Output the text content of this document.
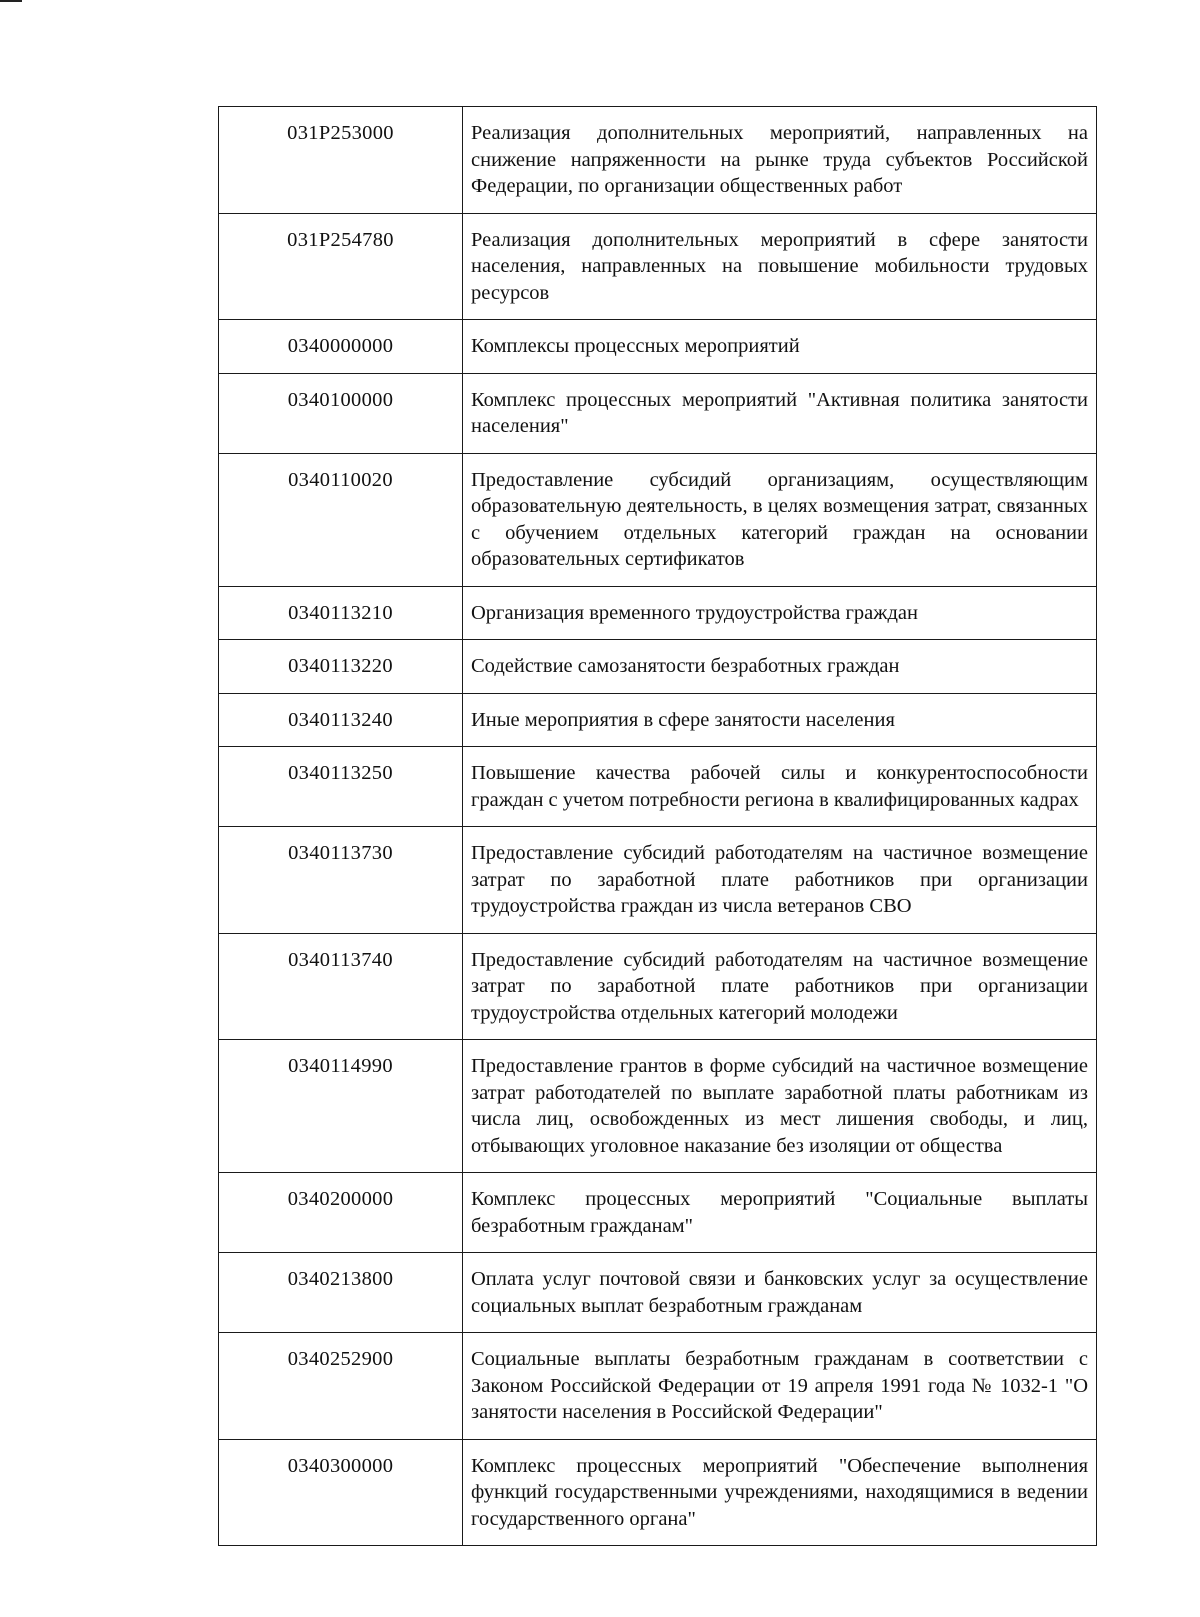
031P253000	Реализация дополнительных мероприятий, направленных на снижение напряженности на рынке труда субъектов Российской Федерации, по организации общественных работ
031P254780	Реализация дополнительных мероприятий в сфере занятости населения, направленных на повышение мобильности трудовых ресурсов
0340000000	Комплексы процессных мероприятий
0340100000	Комплекс процессных мероприятий "Активная политика занятости населения"
0340110020	Предоставление субсидий организациям, осуществляющим образовательную деятельность, в целях возмещения затрат, связанных с обучением отдельных категорий граждан на основании образовательных сертификатов
0340113210	Организация временного трудоустройства граждан
0340113220	Содействие самозанятости безработных граждан
0340113240	Иные мероприятия в сфере занятости населения
0340113250	Повышение качества рабочей силы и конкурентоспособности граждан с учетом потребности региона в квалифицированных кадрах
0340113730	Предоставление субсидий работодателям на частичное возмещение затрат по заработной плате работников при организации трудоустройства граждан из числа ветеранов СВО
0340113740	Предоставление субсидий работодателям на частичное возмещение затрат по заработной плате работников при организации трудоустройства отдельных категорий молодежи
0340114990	Предоставление грантов в форме субсидий на частичное возмещение затрат работодателей по выплате заработной платы работникам из числа лиц, освобожденных из мест лишения свободы, и лиц, отбывающих уголовное наказание без изоляции от общества
0340200000	Комплекс процессных мероприятий "Социальные выплаты безработным гражданам"
0340213800	Оплата услуг почтовой связи и банковских услуг за осуществление социальных выплат безработным гражданам
0340252900	Социальные выплаты безработным гражданам в соответствии с Законом Российской Федерации от 19 апреля 1991 года № 1032-1 "О занятости населения в Российской Федерации"
0340300000	Комплекс процессных мероприятий "Обеспечение выполнения функций государственными учреждениями, находящимися в ведении государственного органа"
